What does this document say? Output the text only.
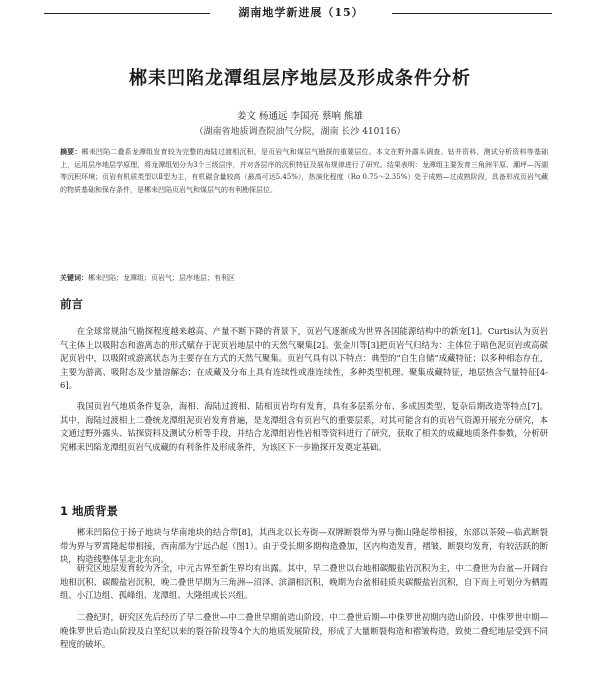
湖南地学新进展（15）
郴耒凹陷龙潭组层序地层及形成条件分析
姜文 杨通远 李国亮 蔡响 熊雄
（湖南省地质调查院油气分院，湖南 长沙 410116）
摘要：郴耒凹陷二叠系龙潭组发育较为完整的海陆过渡相沉积，是页岩气和煤层气勘探的重要层位。本文在野外露头调查、钻井资料、测试分析资料等基础上，运用层序地层学原理，将龙潭组划分为3个三级层序，并对各层序的沉积特征及展布规律进行了研究。结果表明：龙潭组主要发育三角洲平原、潮坪—泻湖等沉积环境；页岩有机质类型以Ⅱ型为主，有机碳含量较高（最高可达5.45%），热演化程度（Ro 0.75～2.35%）处于成熟—过成熟阶段，具备形成页岩气藏的物质基础和保存条件，是郴耒凹陷页岩气和煤层气的有利勘探层位。
关键词：郴耒凹陷；龙潭组；页岩气；层序地层；有利区
前言
在全球常规油气勘探程度越来越高、产量不断下降的背景下，页岩气逐渐成为世界各国能源结构中的新宠[1]。Curtis认为页岩气主体上以吸附态和游离态的形式赋存于泥页岩地层中的天然气聚集[2]。张金川等[3]把页岩气归结为：主体位于暗色泥页岩或高碳泥页岩中，以吸附或游离状态为主要存在方式的天然气聚集。页岩气具有以下特点：典型的“自生自储”成藏特征；以多种相态存在，主要为游离、吸附态及少量溶解态；在成藏及分布上具有连续性或准连续性，多种类型机理、聚集成藏特征，地层热含气量特征[4-6]。
我国页岩气地质条件复杂，海相、海陆过渡相、陆相页岩均有发育，具有多层系分布、多成因类型、复杂后期改造等特点[7]。其中，海陆过渡相上二叠统龙潭组泥页岩发育普遍，是龙潭组含有页岩气的重要层系，对其可能含有的页岩气资源开展充分研究，本文通过野外露头、钻探资料及测试分析等手段，并结合龙潭组岩性岩相等资料进行了研究，获取了相关的成藏地质条件参数，分析研究郴耒凹陷龙潭组页岩气成藏的有利条件及形成条件，为该区下一步勘探开发奠定基础。
1 地质背景
郴耒凹陷位于扬子地块与华南地块的结合带[8]，其西北以长寿街—双牌断裂带为界与衡山隆起带相接，东部以茶陵—临武断裂带为界与罗霄隆起带相接，西南部为宁远凸起（图1）。由于受长期多期构造叠加，区内构造发育，褶皱、断裂均发育，有较活跃的断块，构造线整体呈北北东向。
研究区地层发育较为齐全，中元古界至新生界均有出露。其中，早二叠世以台地相碳酸盐岩沉积为主，中二叠世为台盆—开阔台地相沉积、碳酸盐岩沉积，晚二叠世早期为三角洲—沼泽、滨湖相沉积，晚期为台盆相硅质夹碳酸盐岩沉积，自下而上可划分为栖霞组、小江边组、孤峰组、龙潭组、大隆组或长兴组。
二叠纪时，研究区先后经历了早二叠世—中二叠世早期前造山阶段、中二叠世后期—中侏罗世初期内造山阶段、中侏罗世中期—晚侏罗世后造山阶段及白垩纪以来的裂谷阶段等4个大的地质发展阶段，形成了大量断裂构造和褶皱构造，致使二叠纪地层受到不同程度的破坏。
